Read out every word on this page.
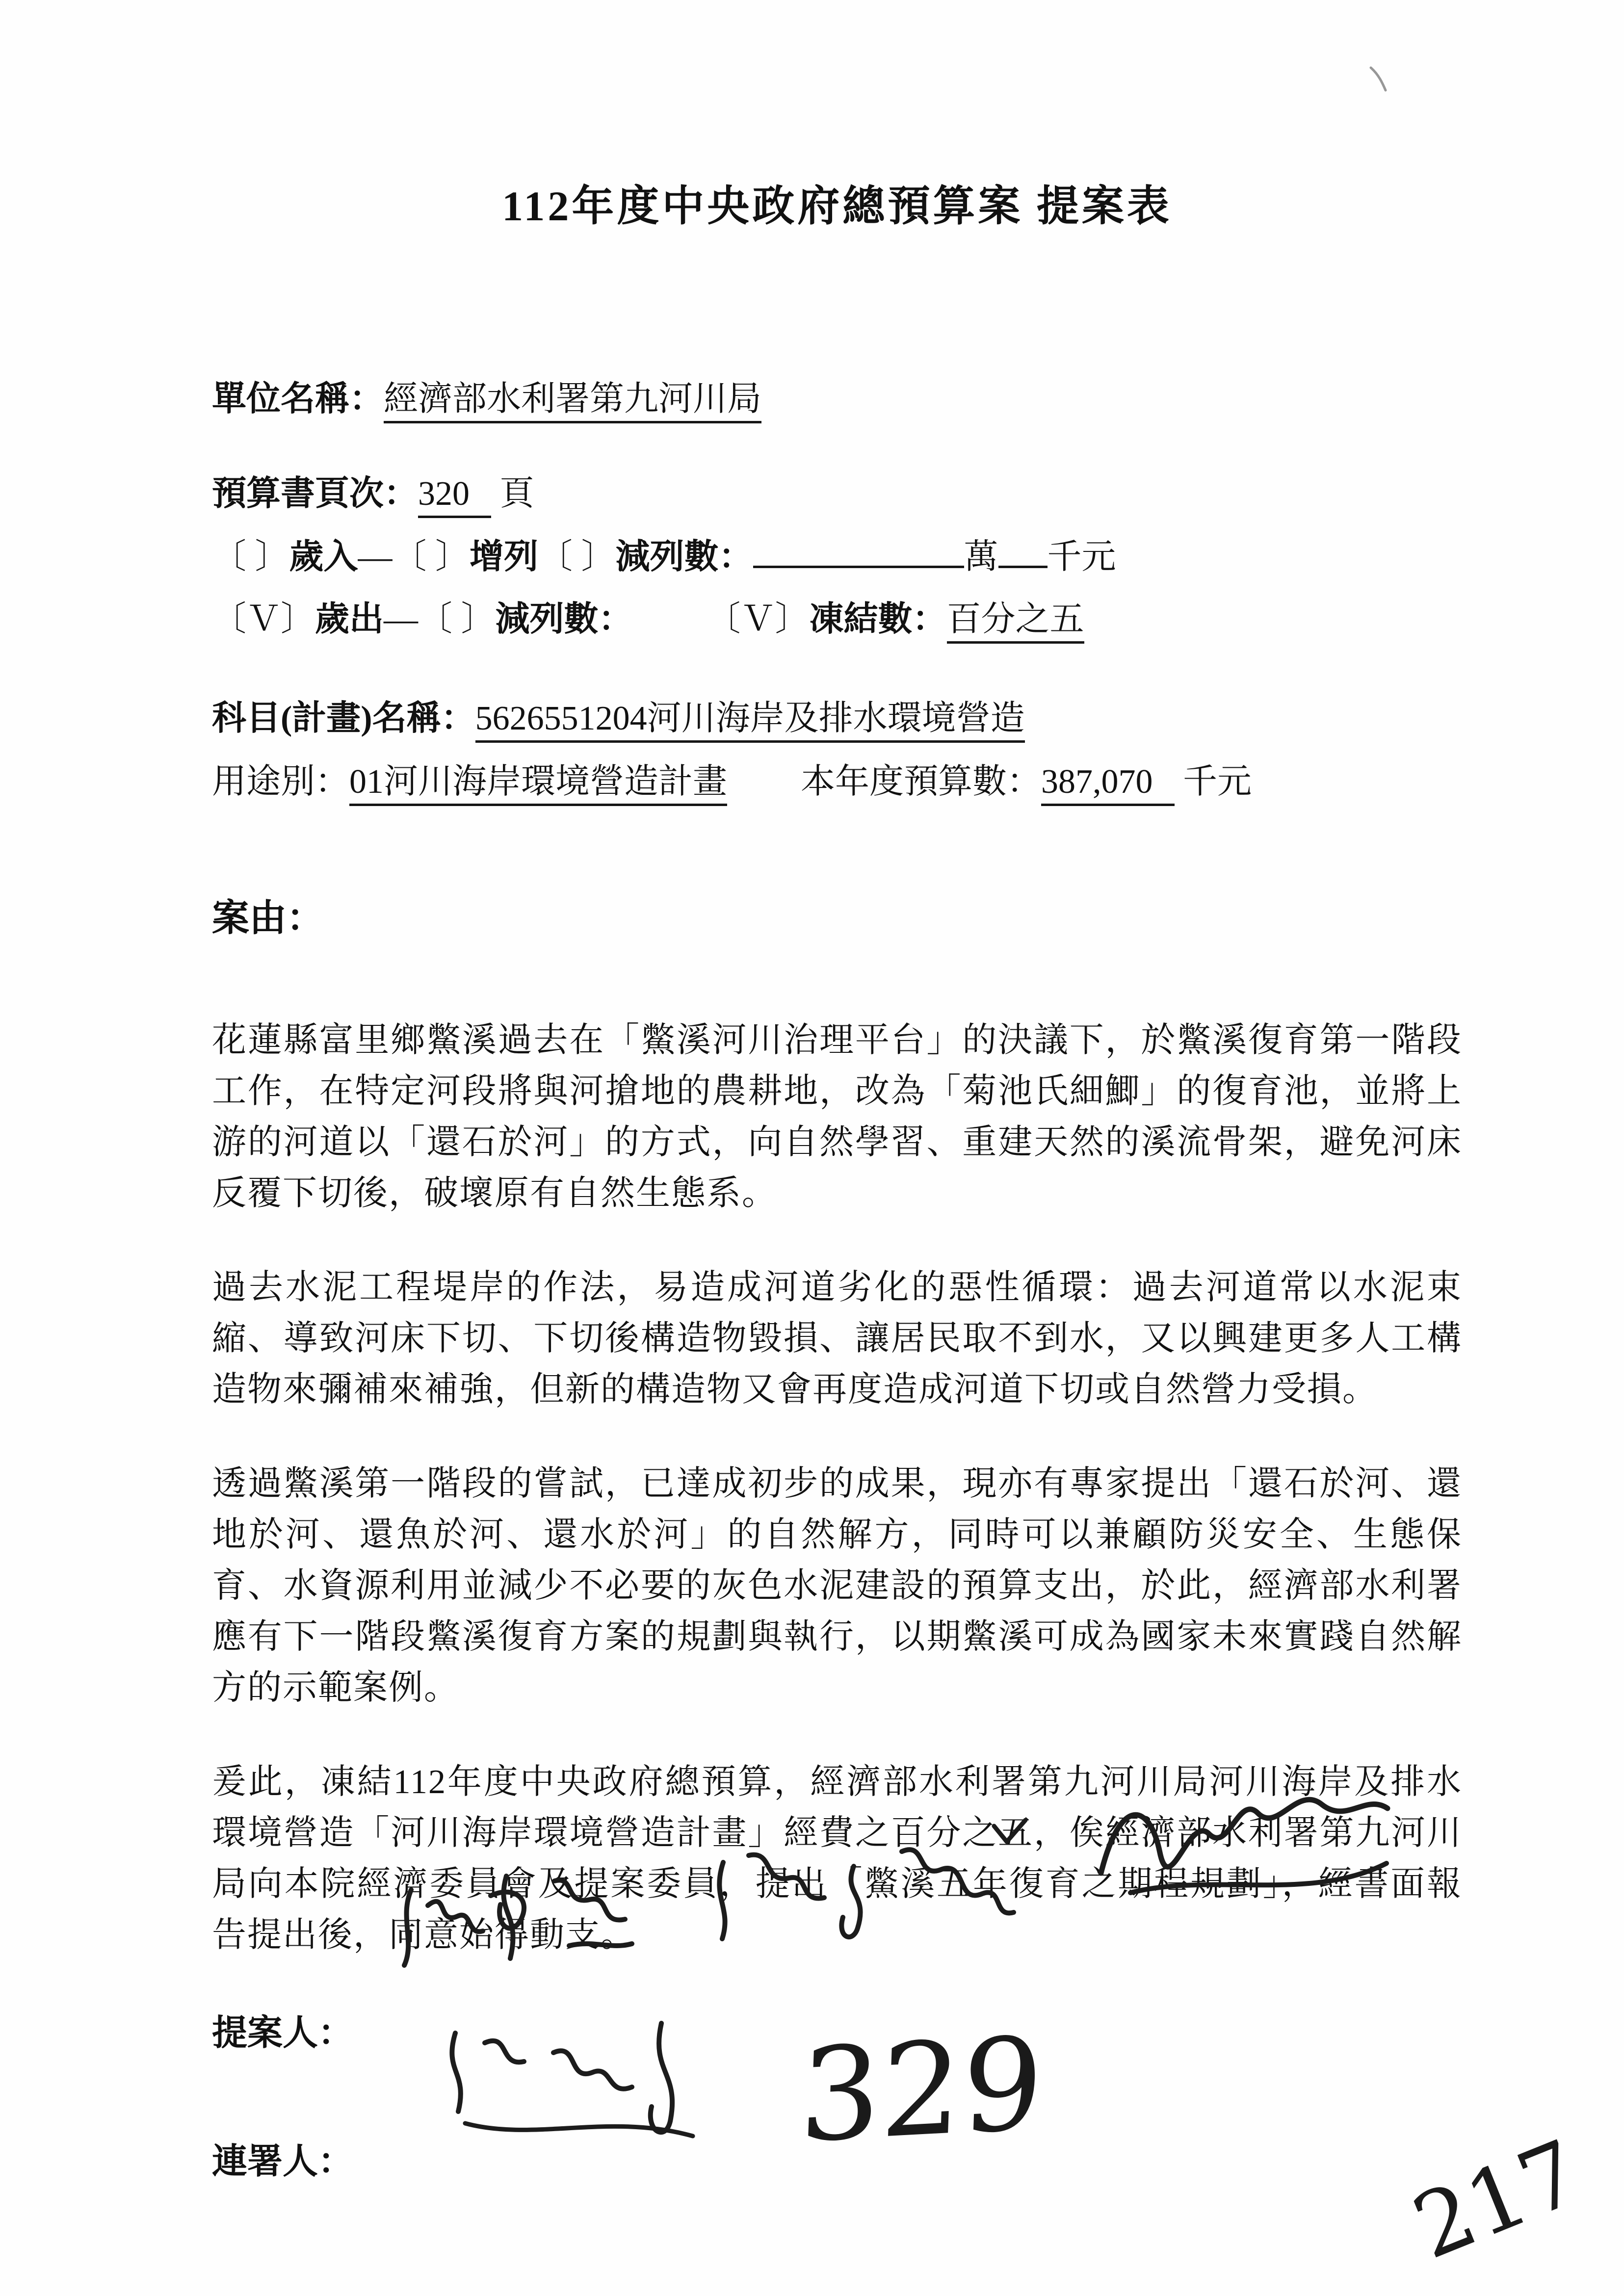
112年度中央政府總預算案 提案表
單位名稱：經濟部水利署第九河川局
預算書頁次：320 頁
〔 〕歲入—〔 〕增列〔 〕減列數：	萬 千元
〔Ｖ〕歲出—〔 〕減列數： 〔Ｖ〕凍結數：百分之五
科目(計畫)名稱：5626551204河川海岸及排水環境營造
用途別：01河川海岸環境營造計畫 本年度預算數：387,070 千元
案由：

花蓮縣富里鄉鱉溪過去在「鱉溪河川治理平台」的決議下，於鱉溪復育第一階段工作，在特定河段將與河搶地的農耕地，改為「菊池氏細鯽」的復育池，並將上游的河道以「還石於河」的方式，向自然學習、重建天然的溪流骨架，避免河床反覆下切後，破壞原有自然生態系。

過去水泥工程堤岸的作法，易造成河道劣化的惡性循環：過去河道常以水泥束縮、導致河床下切、下切後構造物毀損、讓居民取不到水，又以興建更多人工構造物來彌補來補強，但新的構造物又會再度造成河道下切或自然營力受損。

透過鱉溪第一階段的嘗試，已達成初步的成果，現亦有專家提出「還石於河、還地於河、還魚於河、還水於河」的自然解方，同時可以兼顧防災安全、生態保育、水資源利用並減少不必要的灰色水泥建設的預算支出，於此，經濟部水利署應有下一階段鱉溪復育方案的規劃與執行，以期鱉溪可成為國家未來實踐自然解方的示範案例。

爰此，凍結112年度中央政府總預算，經濟部水利署第九河川局河川海岸及排水環境營造「河川海岸環境營造計畫」經費之百分之五，俟經濟部水利署第九河川局向本院經濟委員會及提案委員，提出「鱉溪五年復育之期程規劃」，經書面報告提出後，同意始得動支。

提案人：
連署人：	329
217
